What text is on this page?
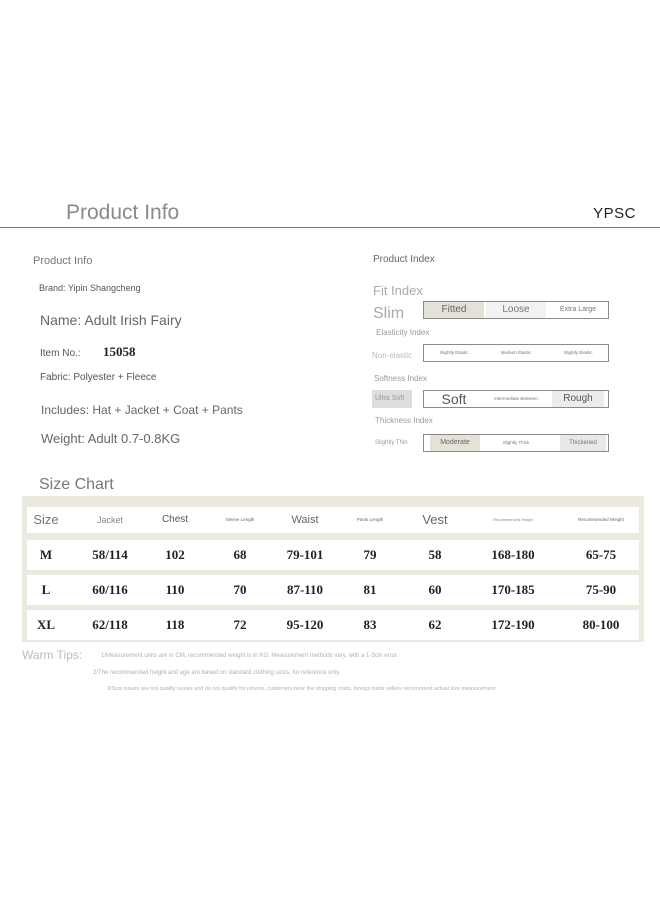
Product Info	YPSC
Product Info
Brand: Yipin Shangcheng
Name: Adult Irish Fairy
Item No.: 15058
Fabric: Polyester + Fleece
Includes: Hat + Jacket + Coat + Pants
Weight: Adult 0.7-0.8KG
Product Index
Fit Index
Slim	Fitted	Loose	Extra Large
Elasticity Index
Non-elastic	Slightly Elastic	Medium Elastic	Slightly Elastic
Softness Index
Ultra Soft	Soft	Intermediate Between	Rough
Thickness Index
Slightly Thin	Moderate	Slightly Thick	Thickened
Size Chart
Size	Jacket	Chest	Sleeve Length	Waist	Pants Length	Vest	Recommended Height	Recommended Weight
M	58/114	102	68	79-101	79	58	168-180	65-75
L	60/116	110	70	87-110	81	60	170-185	75-90
XL	62/118	118	72	95-120	83	62	172-190	80-100
Warm Tips:	1/Measurement units are in CM, recommended weight is in KG, Measurement methods vary, with a 1-3cm error.
2/The recommended height and age are based on standard clothing sizes, for reference only.
3/Size issues are not quality issues and do not qualify for returns, customers bear the shipping costs, foreign trade sellers recommend actual size measurement.
